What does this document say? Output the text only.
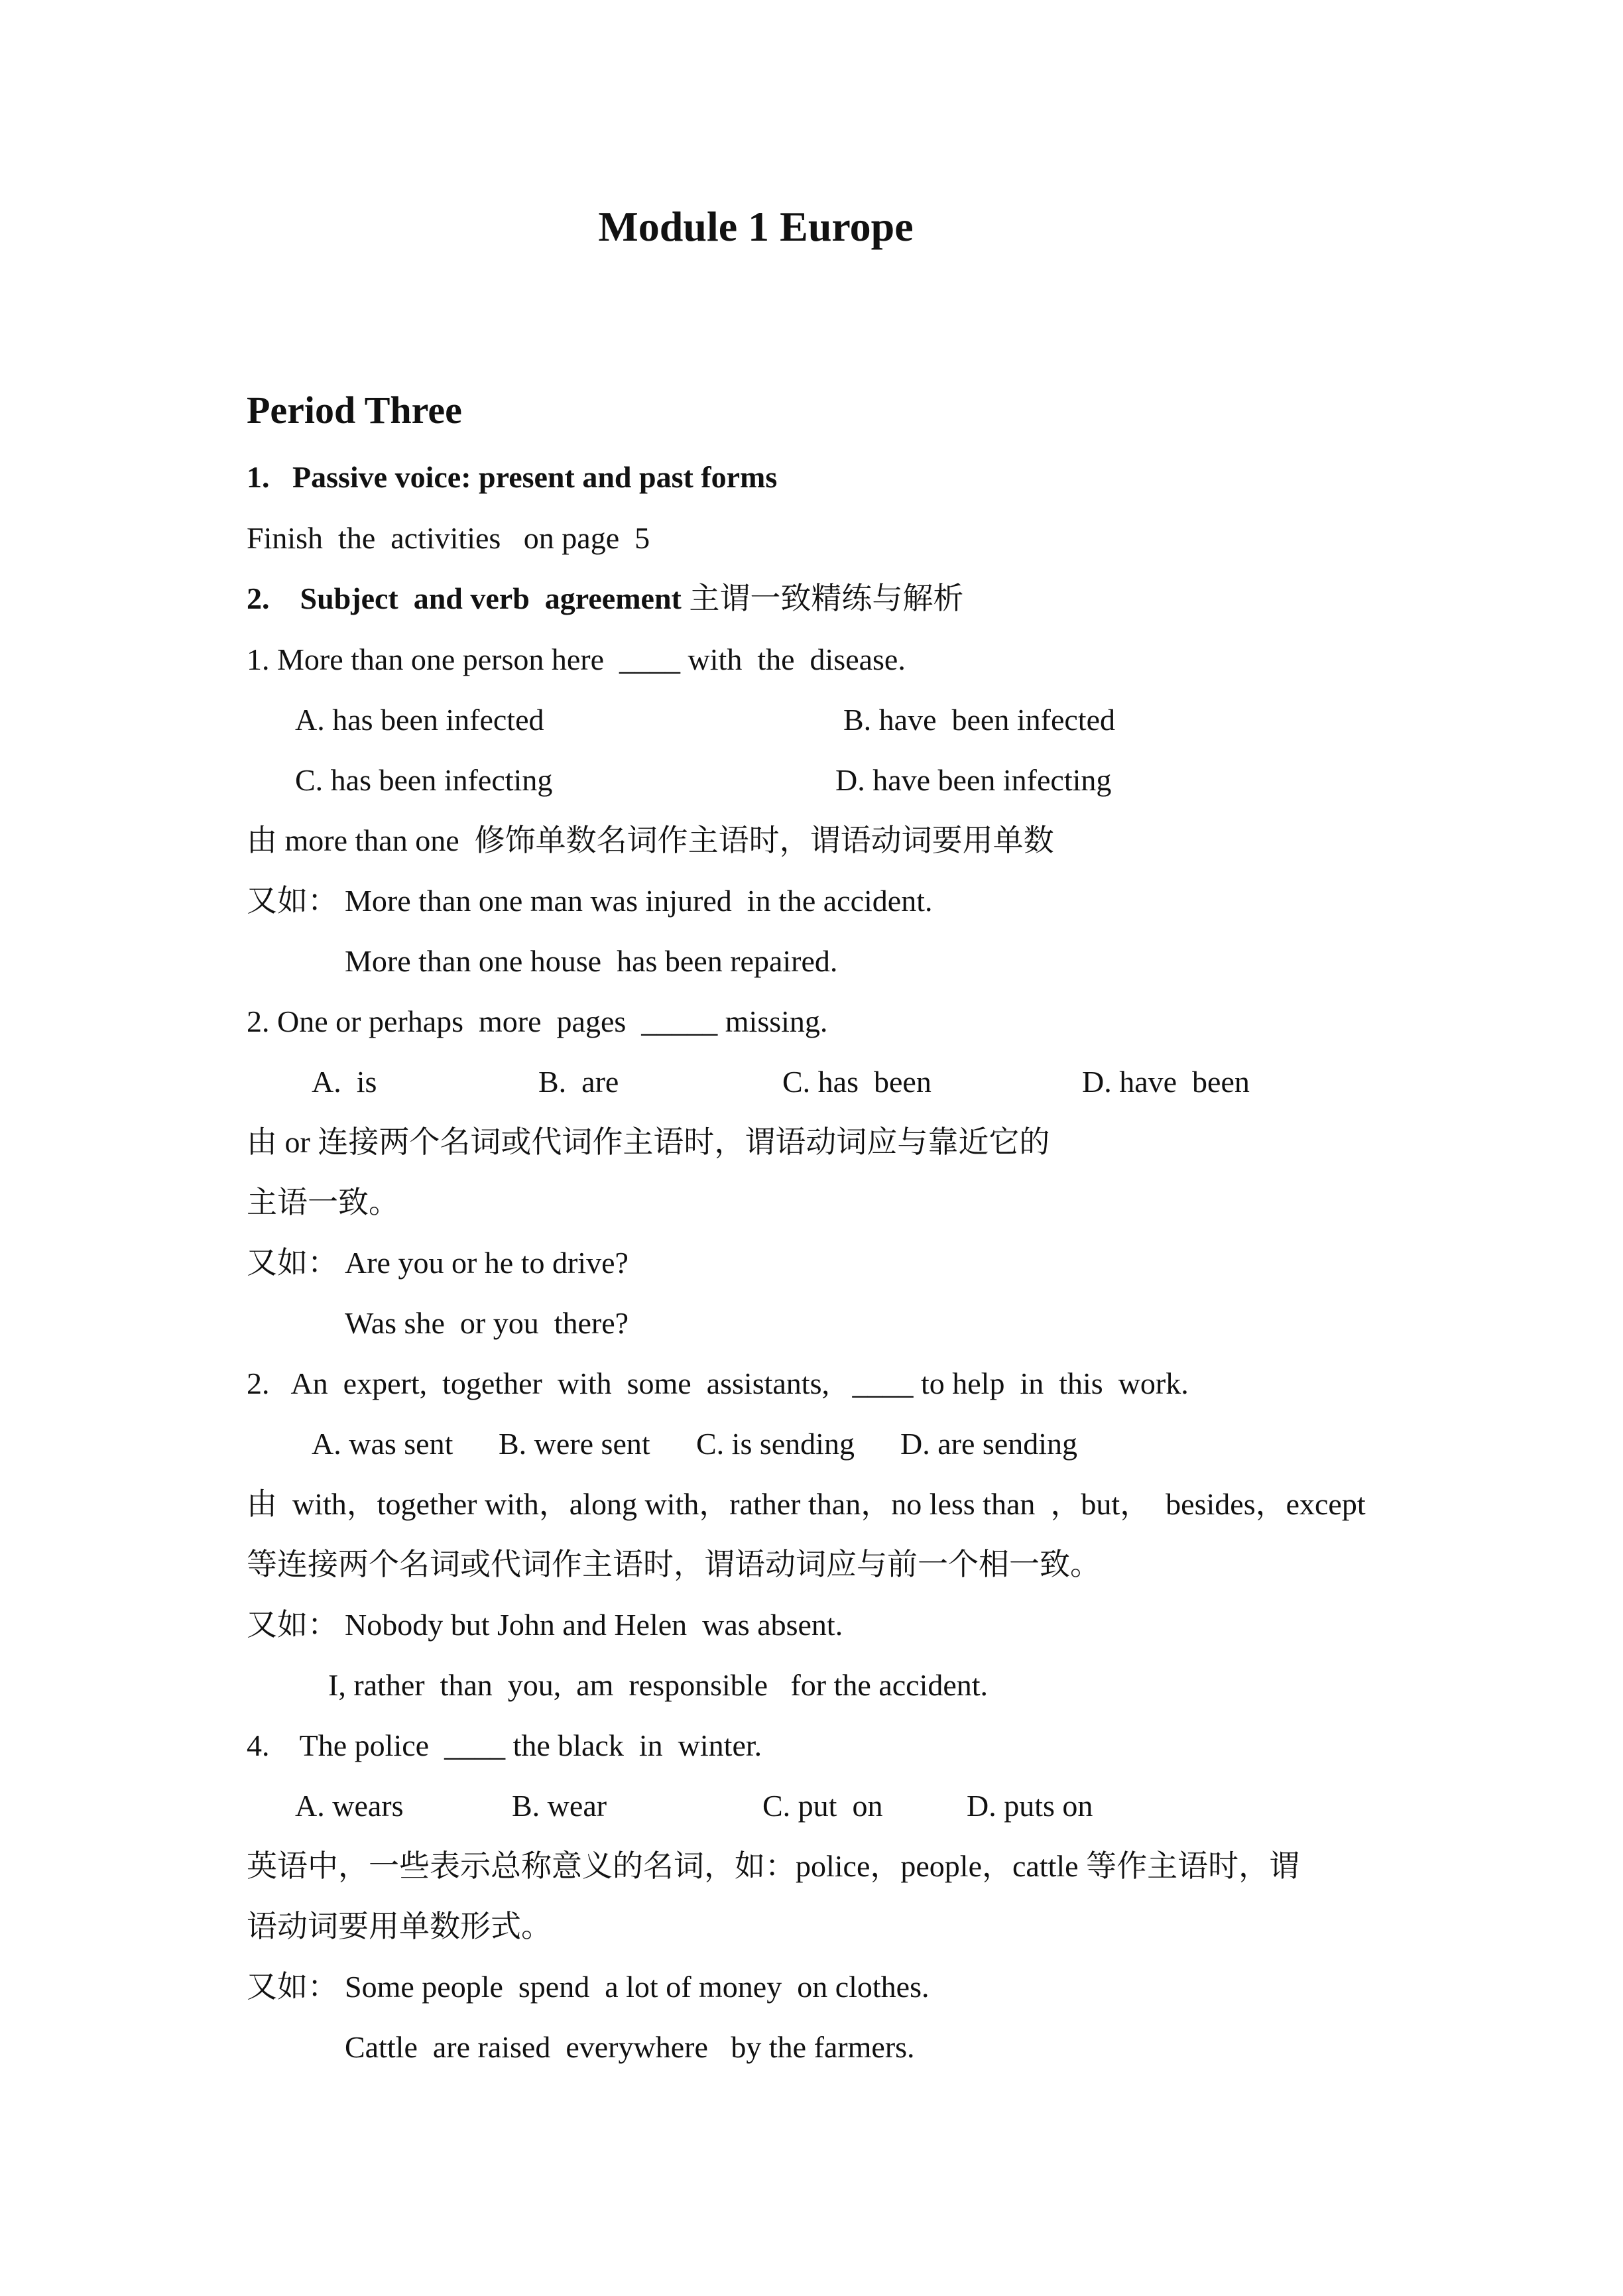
Module 1 Europe
Period Three
1. Passive voice: present and past forms
Finish  the  activities   on page  5
2. Subject  and verb  agreement 主谓一致精练与解析
1. More than one person here  ____ with  the  disease.
A. has been infected	B. have  been infected
C. has been infecting	D. have been infecting
由 more than one  修饰单数名词作主语时，谓语动词要用单数
又如： More than one man was injured  in the accident.
More than one house  has been repaired.
2. One or perhaps  more  pages  _____ missing.
A.  is	B.  are	C. has  been	D. have  been
由 or 连接两个名词或代词作主语时，谓语动词应与靠近它的
主语一致。
又如： Are you or he to drive?
Was she  or you  there?
2.   An  expert,  together  with  some  assistants,   ____ to help  in  this  work.
A. was sent B. were sent C. is sending D. are sending
由  with，together with，along with，rather than，no less than  ，but，  besides，except
等连接两个名词或代词作主语时，谓语动词应与前一个相一致。
又如： Nobody but John and Helen  was absent.
I, rather  than  you,  am  responsible   for the accident.
4.    The police  ____ the black  in  winter.
A. wears	B. wear	C. put  on	D. puts on
英语中，一些表示总称意义的名词，如：police，people，cattle 等作主语时，谓
语动词要用单数形式。
又如： Some people  spend  a lot of money  on clothes.
Cattle  are raised  everywhere   by the farmers.
